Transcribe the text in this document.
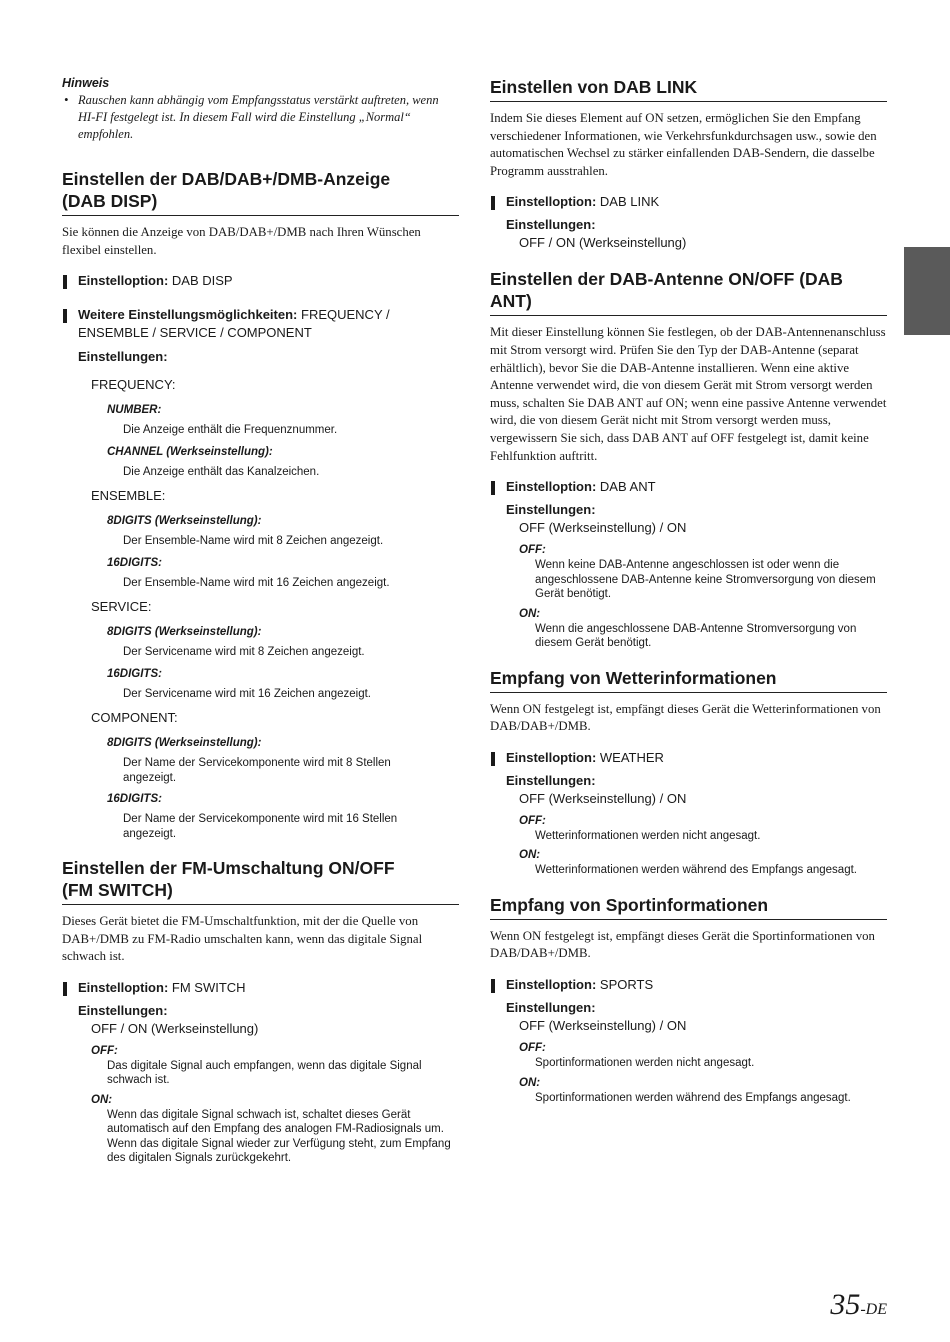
Hinweis

• Rauschen kann abhängig vom Empfangsstatus verstärkt auftreten, wenn HI-FI festgelegt ist. In diesem Fall wird die Einstellung „Normal“ empfohlen.

Einstellen der DAB/DAB+/DMB-Anzeige
(DAB DISP)

Sie können die Anzeige von DAB/DAB+/DMB nach Ihren Wünschen flexibel einstellen.

Einstelloption: DAB DISP

Weitere Einstellungsmöglichkeiten: FREQUENCY / ENSEMBLE / SERVICE / COMPONENT

Einstellungen:

FREQUENCY:

NUMBER:

Die Anzeige enthält die Frequenznummer.

CHANNEL (Werkseinstellung):

Die Anzeige enthält das Kanalzeichen.

ENSEMBLE:

8DIGITS (Werkseinstellung):

Der Ensemble-Name wird mit 8 Zeichen angezeigt.

16DIGITS:

Der Ensemble-Name wird mit 16 Zeichen angezeigt.

SERVICE:

8DIGITS (Werkseinstellung):

Der Servicename wird mit 8 Zeichen angezeigt.

16DIGITS:

Der Servicename wird mit 16 Zeichen angezeigt.

COMPONENT:

8DIGITS (Werkseinstellung):

Der Name der Servicekomponente wird mit 8 Stellen angezeigt.

16DIGITS:

Der Name der Servicekomponente wird mit 16 Stellen angezeigt.

Einstellen der FM-Umschaltung ON/OFF
(FM SWITCH)

Dieses Gerät bietet die FM-Umschaltfunktion, mit der die Quelle von DAB+/DMB zu FM-Radio umschalten kann, wenn das digitale Signal schwach ist.

Einstelloption: FM SWITCH

Einstellungen:

OFF / ON (Werkseinstellung)

OFF:

Das digitale Signal auch empfangen, wenn das digitale Signal schwach ist.

ON:

Wenn das digitale Signal schwach ist, schaltet dieses Gerät automatisch auf den Empfang des analogen FM-Radiosignals um. Wenn das digitale Signal wieder zur Verfügung steht, zum Empfang des digitalen Signals zurückgekehrt.

Einstellen von DAB LINK

Indem Sie dieses Element auf ON setzen, ermöglichen Sie den Empfang verschiedener Informationen, wie Verkehrsfunkdurchsagen usw., sowie den automatischen Wechsel zu stärker einfallenden DAB-Sendern, die dasselbe Programm ausstrahlen.

Einstelloption: DAB LINK

Einstellungen:

OFF / ON (Werkseinstellung)

Einstellen der DAB-Antenne ON/OFF (DAB ANT)

Mit dieser Einstellung können Sie festlegen, ob der DAB-Antennenanschluss mit Strom versorgt wird. Prüfen Sie den Typ der DAB-Antenne (separat erhältlich), bevor Sie die DAB-Antenne installieren. Wenn eine aktive Antenne verwendet wird, die von diesem Gerät mit Strom versorgt werden muss, schalten Sie DAB ANT auf ON; wenn eine passive Antenne verwendet wird, die von diesem Gerät nicht mit Strom versorgt werden muss, vergewissern Sie sich, dass DAB ANT auf OFF festgelegt ist, damit keine Fehlfunktion auftritt.

Einstelloption: DAB ANT

Einstellungen:

OFF (Werkseinstellung) / ON

OFF:

Wenn keine DAB-Antenne angeschlossen ist oder wenn die angeschlossene DAB-Antenne keine Stromversorgung von diesem Gerät benötigt.

ON:

Wenn die angeschlossene DAB-Antenne Stromversorgung von diesem Gerät benötigt.

Empfang von Wetterinformationen

Wenn ON festgelegt ist, empfängt dieses Gerät die Wetterinformationen von DAB/DAB+/DMB.

Einstelloption: WEATHER

Einstellungen:

OFF (Werkseinstellung) / ON

OFF:

Wetterinformationen werden nicht angesagt.

ON:

Wetterinformationen werden während des Empfangs angesagt.

Empfang von Sportinformationen

Wenn ON festgelegt ist, empfängt dieses Gerät die Sportinformationen von DAB/DAB+/DMB.

Einstelloption: SPORTS

Einstellungen:

OFF (Werkseinstellung) / ON

OFF:

Sportinformationen werden nicht angesagt.

ON:

Sportinformationen werden während des Empfangs angesagt.

35-DE
